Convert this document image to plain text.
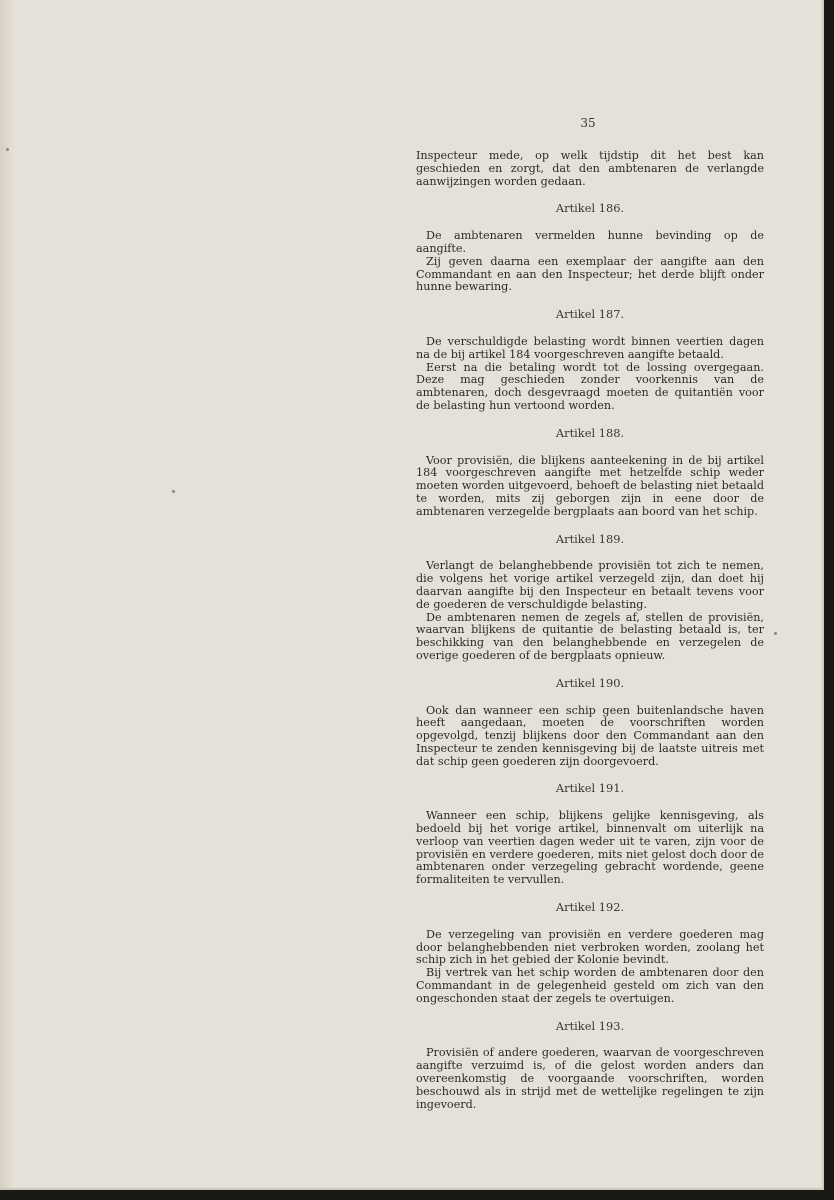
35

Inspecteur mede, op welk tijdstip dit het best kan geschieden en zorgt, dat den ambtenaren de verlangde aanwijzingen worden gedaan.

Artikel 186.

De ambtenaren vermelden hunne bevinding op de aangifte.

Zij geven daarna een exemplaar der aangifte aan den Commandant en aan den Inspecteur; het derde blijft onder hunne bewaring.

Artikel 187.

De verschuldigde belasting wordt binnen veertien dagen na de bij artikel 184 voorgeschreven aangifte betaald.

Eerst na die betaling wordt tot de lossing overgegaan. Deze mag geschieden zonder voorkennis van de ambtenaren, doch desgevraagd moeten de quitantiën voor de belasting hun vertoond worden.

Artikel 188.

Voor provisiën, die blijkens aanteekening in de bij artikel 184 voorgeschreven aangifte met hetzelfde schip weder moeten worden uitgevoerd, behoeft de belasting niet betaald te worden, mits zij geborgen zijn in eene door de ambtenaren verzegelde bergplaats aan boord van het schip.

Artikel 189.

Verlangt de belanghebbende provisiën tot zich te nemen, die volgens het vorige artikel verzegeld zijn, dan doet hij daarvan aangifte bij den Inspecteur en betaalt tevens voor de goederen de verschuldigde belasting.

De ambtenaren nemen de zegels af, stellen de provisiën, waarvan blijkens de quitantie de belasting betaald is, ter beschikking van den belanghebbende en verzegelen de overige goederen of de bergplaats opnieuw.

Artikel 190.

Ook dan wanneer een schip geen buitenlandsche haven heeft aangedaan, moeten de voorschriften worden opgevolgd, tenzij blijkens door den Commandant aan den Inspecteur te zenden kennisgeving bij de laatste uitreis met dat schip geen goederen zijn doorgevoerd.

Artikel 191.

Wanneer een schip, blijkens gelijke kennisgeving, als bedoeld bij het vorige artikel, binnenvalt om uiterlijk na verloop van veertien dagen weder uit te varen, zijn voor de provisiën en verdere goederen, mits niet gelost doch door de ambtenaren onder verzegeling gebracht wordende, geene formaliteiten te vervullen.

Artikel 192.

De verzegeling van provisiën en verdere goederen mag door belanghebbenden niet verbroken worden, zoolang het schip zich in het gebied der Kolonie bevindt.

Bij vertrek van het schip worden de ambtenaren door den Commandant in de gelegenheid gesteld om zich van den ongeschonden staat der zegels te overtuigen.

Artikel 193.

Provisiën of andere goederen, waarvan de voorgeschreven aangifte verzuimd is, of die gelost worden anders dan overeenkomstig de voorgaande voorschriften, worden beschouwd als in strijd met de wettelijke regelingen te zijn ingevoerd.
